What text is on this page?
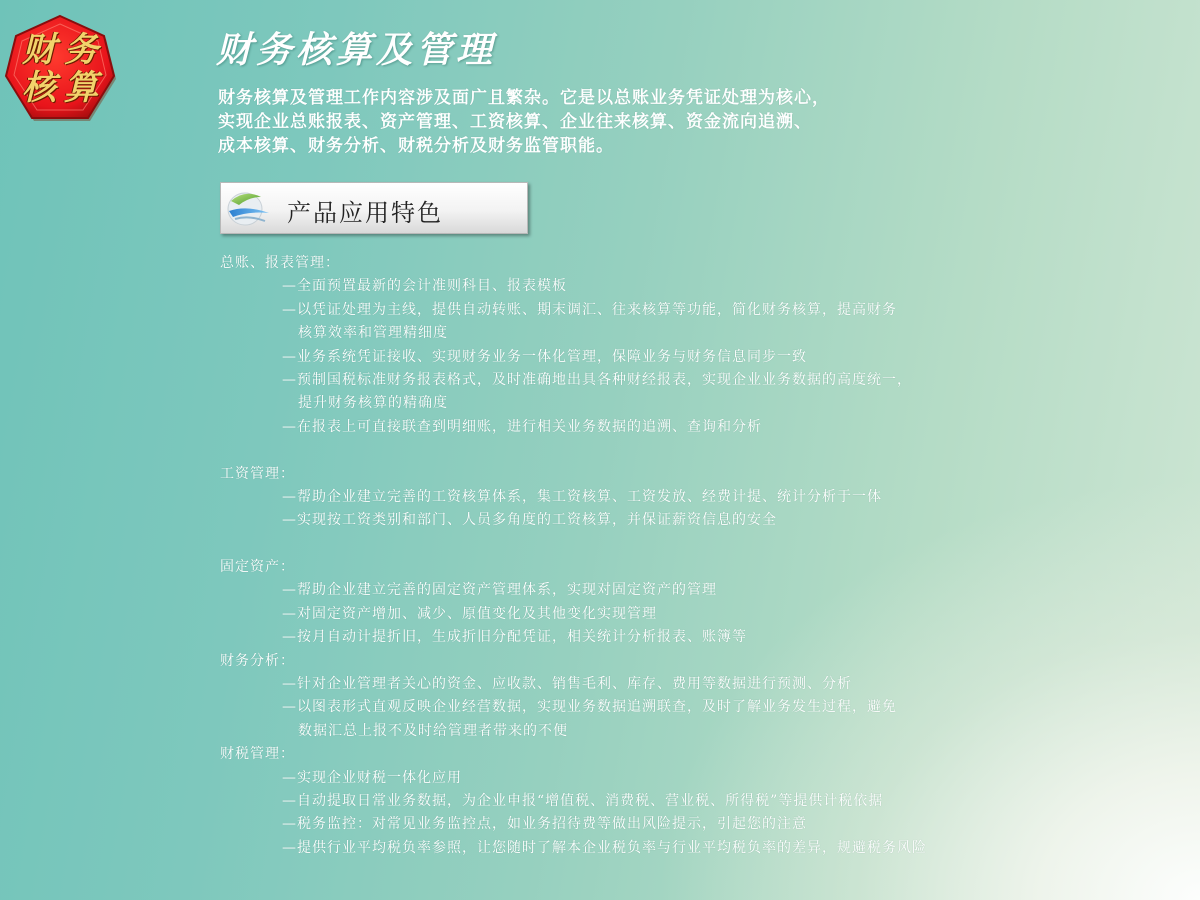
财 务
核 算
财务核算及管理
财务核算及管理工作内容涉及面广且繁杂。它是以总账业务凭证处理为核心，
实现企业总账报表、资产管理、工资核算、企业往来核算、资金流向追溯、
成本核算、财务分析、财税分析及财务监管职能。
产品应用特色
总账、报表管理：
—全面预置最新的会计准则科目、报表模板
—以凭证处理为主线，提供自动转账、期末调汇、往来核算等功能，简化财务核算，提高财务
核算效率和管理精细度
—业务系统凭证接收、实现财务业务一体化管理，保障业务与财务信息同步一致
—预制国税标准财务报表格式，及时准确地出具各种财经报表，实现企业业务数据的高度统一，
提升财务核算的精确度
—在报表上可直接联查到明细账，进行相关业务数据的追溯、查询和分析
工资管理：
—帮助企业建立完善的工资核算体系，集工资核算、工资发放、经费计提、统计分析于一体
—实现按工资类别和部门、人员多角度的工资核算，并保证薪资信息的安全
固定资产：
—帮助企业建立完善的固定资产管理体系，实现对固定资产的管理
—对固定资产增加、减少、原值变化及其他变化实现管理
—按月自动计提折旧，生成折旧分配凭证，相关统计分析报表、账簿等
财务分析：
—针对企业管理者关心的资金、应收款、销售毛利、库存、费用等数据进行预测、分析
—以图表形式直观反映企业经营数据，实现业务数据追溯联查，及时了解业务发生过程，避免
数据汇总上报不及时给管理者带来的不便
财税管理：
—实现企业财税一体化应用
—自动提取日常业务数据，为企业申报“增值税、消费税、营业税、所得税”等提供计税依据
—税务监控：对常见业务监控点，如业务招待费等做出风险提示，引起您的注意
—提供行业平均税负率参照，让您随时了解本企业税负率与行业平均税负率的差异，规避税务风险
